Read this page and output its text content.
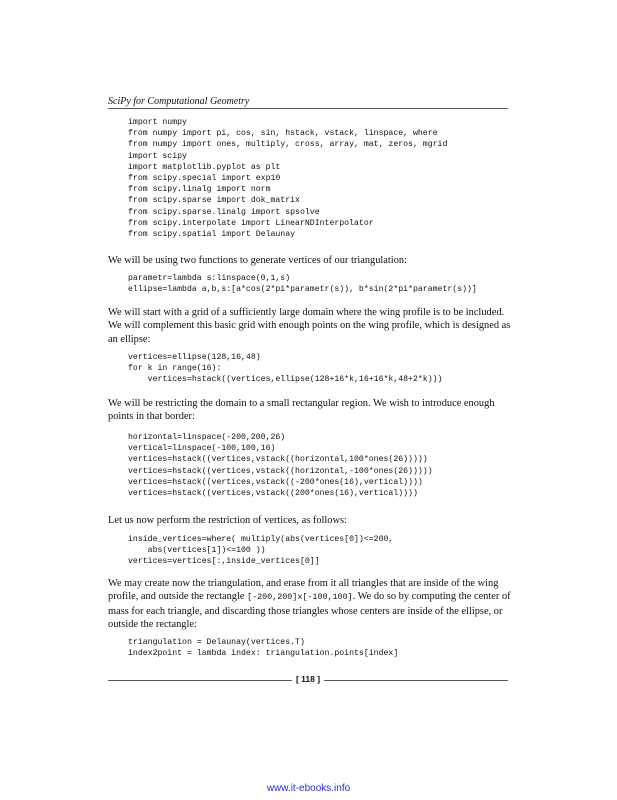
SciPy for Computational Geometry
import numpy
from numpy import pi, cos, sin, hstack, vstack, linspace, where
from numpy import ones, multiply, cross, array, mat, zeros, mgrid
import scipy
import matplotlib.pyplot as plt
from scipy.special import exp10
from scipy.linalg import norm
from scipy.sparse import dok_matrix
from scipy.sparse.linalg import spsolve
from scipy.interpolate import LinearNDInterpolator
from scipy.spatial import Delaunay

We will be using two functions to generate vertices of our triangulation:

parametr=lambda s:linspace(0,1,s)
ellipse=lambda a,b,s:[a*cos(2*pi*parametr(s)), b*sin(2*pi*parametr(s))]

We will start with a grid of a sufficiently large domain where the wing profile is to be included. We will complement this basic grid with enough points on the wing profile, which is designed as an ellipse:

vertices=ellipse(128,16,48)
for k in range(16):
vertices=hstack((vertices,ellipse(128+16*k,16+16*k,48+2*k)))

We will be restricting the domain to a small rectangular region. We wish to introduce enough points in that border:

horizontal=linspace(-200,200,26)
vertical=linspace(-100,100,16)
vertices=hstack((vertices,vstack((horizontal,100*ones(26)))))
vertices=hstack((vertices,vstack((horizontal,-100*ones(26)))))
vertices=hstack((vertices,vstack((-200*ones(16),vertical))))
vertices=hstack((vertices,vstack((200*ones(16),vertical))))

Let us now perform the restriction of vertices, as follows:

inside_vertices=where( multiply(abs(vertices[0])<=200,
abs(vertices[1])<=100 ))
vertices=vertices[:,inside_vertices[0]]

We may create now the triangulation, and erase from it all triangles that are inside of the wing profile, and outside the rectangle [-200,200]x[-100,100]. We do so by computing the center of mass for each triangle, and discarding those triangles whose centers are inside of the ellipse, or outside the rectangle:

triangulation = Delaunay(vertices.T)
index2point = lambda index: triangulation.points[index]
[ 118 ]
www.it-ebooks.info
